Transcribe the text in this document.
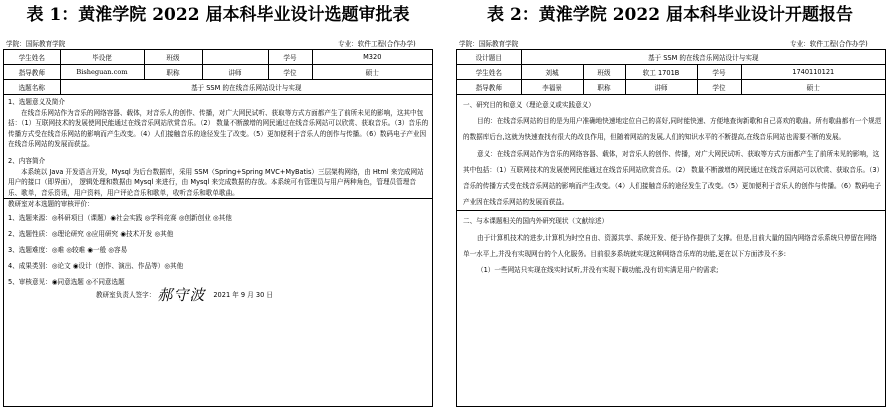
表 1：黄淮学院 2022 届本科毕业设计选题审批表
学院：国际教育学院	专业：软件工程(合作办学)
学生姓名	毕设佬	班级		学号	M320
指导教师	Bisheguan.com	职称	讲师	学位	硕士
选题名称	基于 SSM 的在线音乐网站设计与实现				

1、选题意义及简介

在线音乐网站作为音乐的网络容器、载体，对音乐人的创作、传播，对广大网民试听、获取等方式方面都产生了前所未见的影响，这其中包括：（1）互联网技术的发展使网民能通过在线音乐网站欣赏音乐。（2） 数量不断激增的网民通过在线音乐网站可以欣赏、获取音乐。（3）音乐的传播方式受在线音乐网站的影响而产生改变。（4）人们接触音乐的途径发生了改变。（5）更加便利于音乐人的创作与传播。（6）数码电子产业因在线音乐网站的发展而获益。

2、内容简介

本系统以 Java 开发语言开发，Mysql 为后台数据库，采用 SSM（Spring+Spring MVC+MyBatis）三层架构网络，由 Html 来完成网站用户的接口（即界面）， 逻辑处理和数据由 Mysql 来进行，由 Mysql 来完成数据的存放。本系统可有管理员与用户两种角色，管理员管理音乐、歌单，音乐资讯，用户资料，用户评论音乐和歌单，收听音乐和歌单歌曲。

教研室对本选题的审核评价：

1、选题来源：◎科研项目（课题）◉社会实践 ◎学科竞赛 ◎创新创业 ◎其他

2、选题性质：◎理论研究 ◎应用研究 ◉技术开发 ◎其他

3、选题难度：◎难 ◎较难 ◉一般 ◎容易

4、成果类别：◎论文 ◉设计（创作、演出、作品等）◎其他

5、审核意见：◉同意选题 ◎不同意选题

教研室负责人签字： 郝守波 2021 年 9 月 30 日

表 2：黄淮学院 2022 届本科毕业设计开题报告
学院：国际教育学院	专业：软件工程(合作办学)
设计题目	基于 SSM 的在线音乐网站设计与实现				
学生姓名	刘城	班级	软工 1701B	学号	1740110121
指导教师	李福景	职称	讲师	学位	硕士

一、研究目的和意义（理论意义或实践意义）

目的：在线音乐网站的目的是为用户准确地快速地定位自己的喜好,同时能快速、方便地查询新歌和自己喜欢的歌曲。所有歌曲都有一个规范的数据库后台,这就为快速查找有很大的改良作用，但随着网站的发展,人们的知识水平的不断提高,在线音乐网站也需要不断的发展。

意义：在线音乐网站作为音乐的网络容器、载体，对音乐人的创作、传播，对广大网民试听、获取等方式方面都产生了前所未见的影响，这其中包括：（1）互联网技术的发展使网民能通过在线音乐网站欣赏音乐。（2） 数量不断激增的网民通过在线音乐网站可以欣赏、获取音乐。（3）音乐的传播方式受在线音乐网站的影响而产生改变。（4）人们接触音乐的途径发生了改变。（5）更加便利于音乐人的创作与传播。（6）数码电子产业因在线音乐网站的发展而获益。

二、与本课题相关的国内外研究现状（文献综述）

由于计算机技术的进步,计算机为时空自由、资源共享、系统开发、便于协作提供了支撑。但是,目前大量的国内网络音乐系统只停留在网络单一水平上,并没有实现网台的个人化服务。目前很多系统就实现这种网络音乐库的功能,更在以下方面涉及不多:

（1）一些网站只实现在线实时试听,并没有实现下载功能,没有切实满足用户的需求;
